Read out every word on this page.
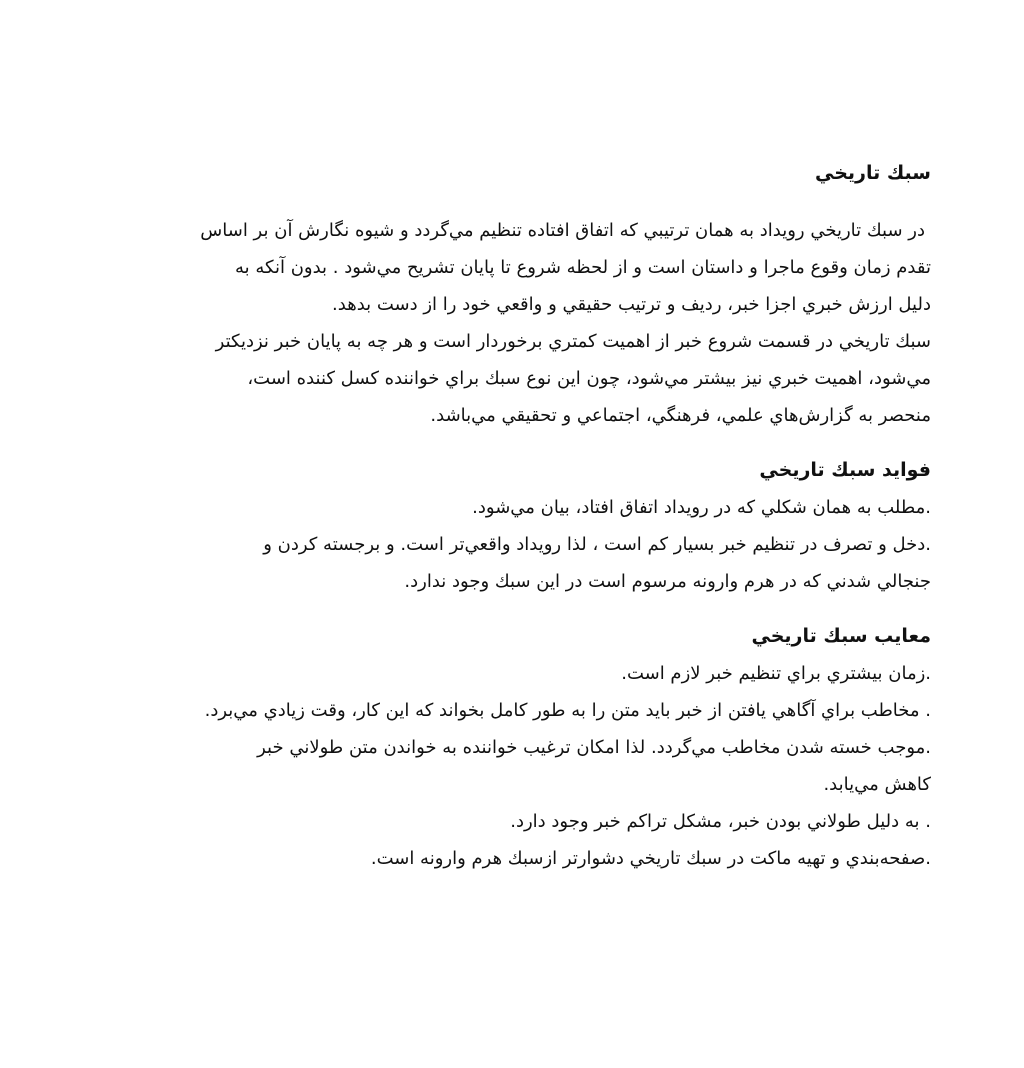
سبك تاريخي

در سبك تاريخي رويداد به همان ترتيبي كه اتفاق افتاده تنظيم مي‌گردد و شيوه نگارش آن بر اساس

تقدم زمان وقوع ماجرا و داستان است و از لحظه شروع تا پايان تشريح مي‌شود . بدون آنكه به

دليل ارزش خبري اجزا خبر، رديف و ترتيب حقيقي و واقعي خود را از دست بدهد.

سبك تاريخي در قسمت شروع خبر از اهميت كمتري برخوردار است و هر چه به پايان خبر نزديكتر

مي‌شود، اهميت خبري نيز بيشتر مي‌شود، چون اين نوع سبك براي خواننده كسل كننده است،

منحصر به گزارش‌هاي علمي، فرهنگي، اجتماعي و تحقيقي مي‌باشد.

فوايد سبك تاريخي

.مطلب به همان شكلي كه در رويداد اتفاق افتاد، بيان مي‌شود.

.دخل و تصرف در تنظيم خبر بسيار كم است ، لذا رويداد واقعي‌تر است. و برجسته كردن و

جنجالي شدني كه در هرم وارونه مرسوم است در اين سبك وجود ندارد.

معايب سبك تاريخي

.زمان بيشتري براي تنظيم خبر لازم است.

. مخاطب براي آگاهي يافتن از خبر بايد متن را به طور كامل بخواند كه اين كار، وقت زيادي مي‌برد.

.موجب خسته شدن مخاطب مي‌گردد. لذا امكان ترغيب خواننده به خواندن متن طولاني خبر

كاهش مي‌يابد.

. به دليل طولاني بودن خبر، مشكل تراكم خبر وجود دارد.

.صفحه‌بندي و تهيه ماكت در سبك تاريخي دشوارتر ازسبك هرم وارونه است.
